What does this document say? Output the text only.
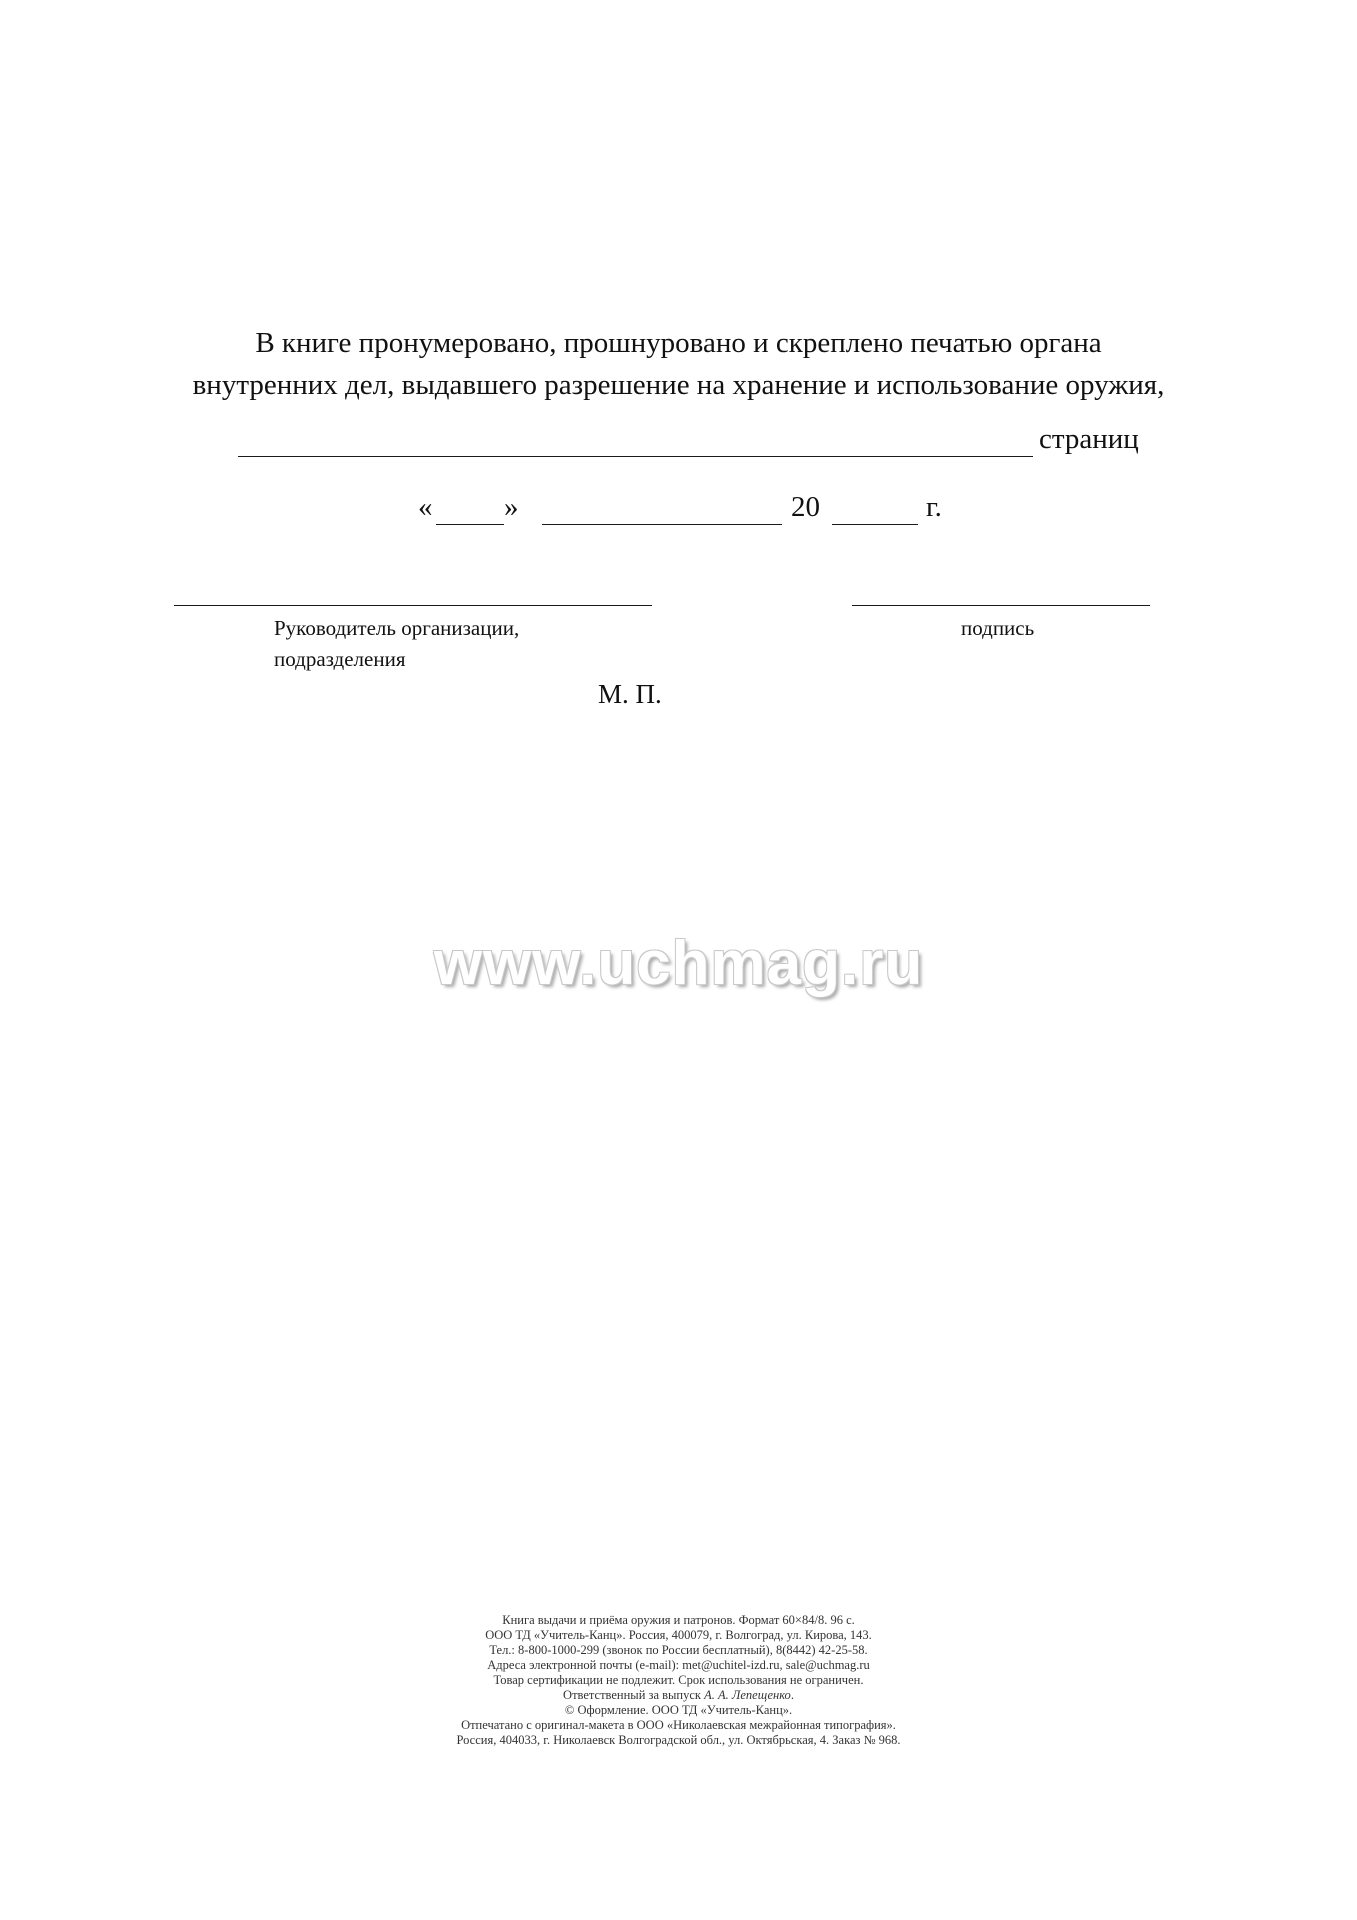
В книге пронумеровано, прошнуровано и скреплено печатью органа
внутренних дел, выдавшего разрешение на хранение и использование оружия,
страниц
« »	20	г.
Руководитель организации,
подразделения
подпись
М. П.
www.uchmag.ru
Книга выдачи и приёма оружия и патронов. Формат 60×84/8. 96 с.
ООО ТД «Учитель-Канц». Россия, 400079, г. Волгоград, ул. Кирова, 143.
Тел.: 8-800-1000-299 (звонок по России бесплатный), 8(8442) 42-25-58.
Адреса электронной почты (e-mail): met@uchitel-izd.ru, sale@uchmag.ru
Товар сертификации не подлежит. Срок использования не ограничен.
Ответственный за выпуск А. А. Лепещенко.
© Оформление. ООО ТД «Учитель-Канц».
Отпечатано с оригинал-макета в ООО «Николаевская межрайонная типография».
Россия, 404033, г. Николаевск Волгоградской обл., ул. Октябрьская, 4. Заказ № 968.
